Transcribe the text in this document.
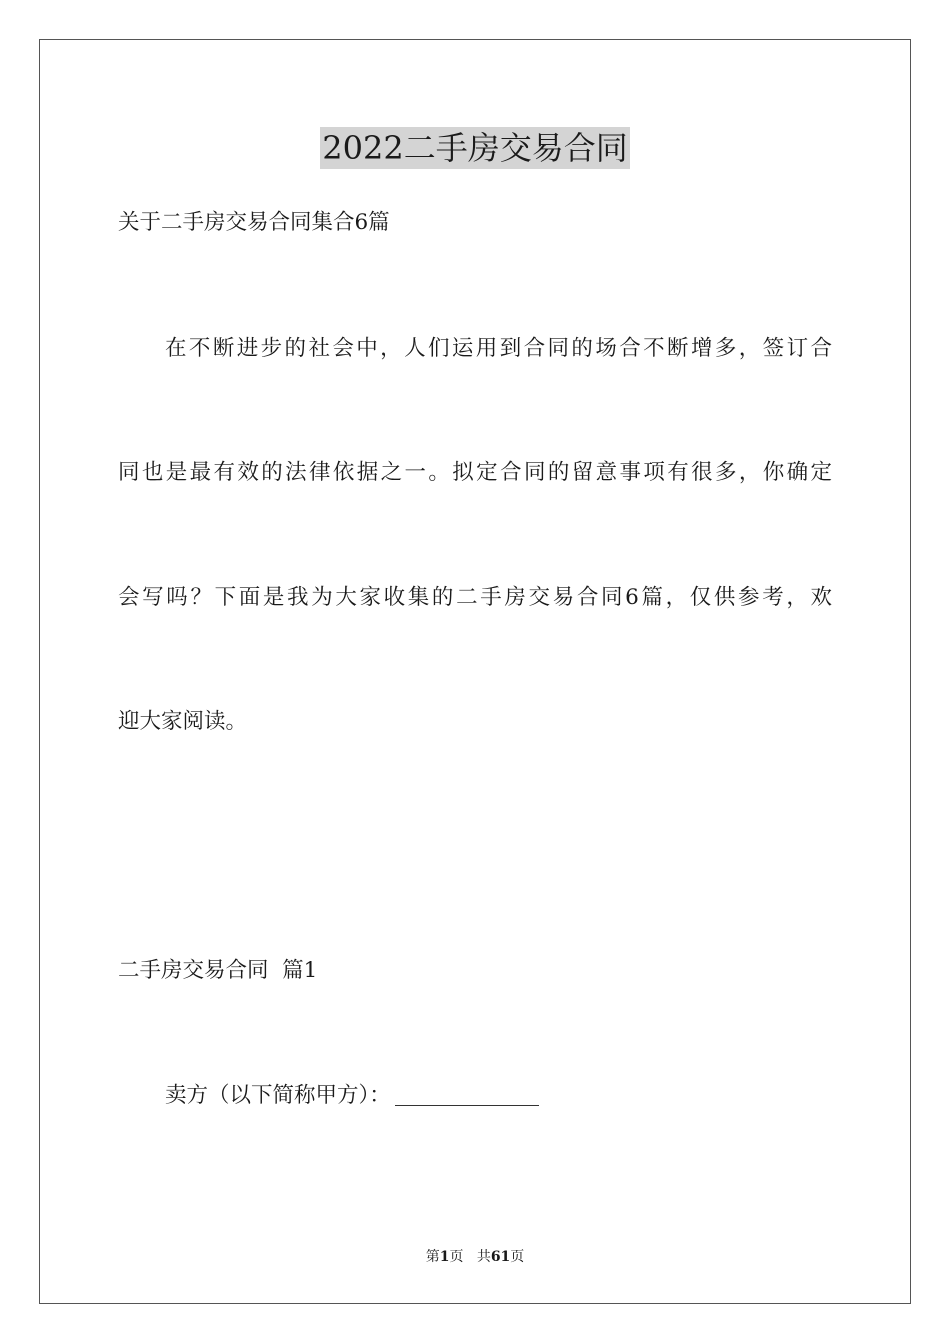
2022二手房交易合同
关于二手房交易合同集合6篇
在不断进步的社会中，人们运用到合同的场合不断增多，签订合
同也是最有效的法律依据之一。拟定合同的留意事项有很多，你确定
会写吗？下面是我为大家收集的二手房交易合同6篇，仅供参考，欢
迎大家阅读。
二手房交易合同  篇1
卖方（以下简称甲方）：
第1页 共61页
